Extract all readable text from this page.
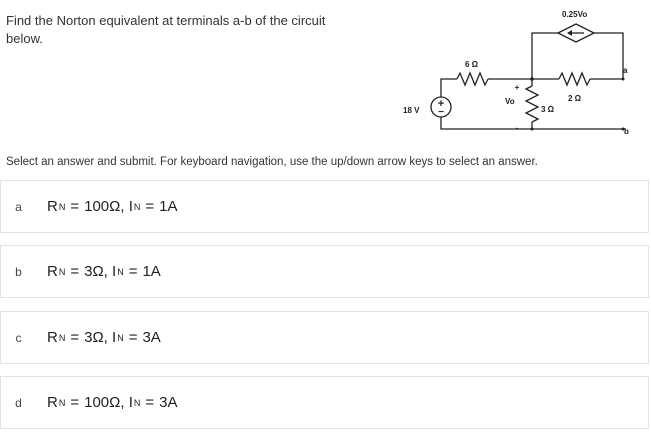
Find the Norton equivalent at terminals a-b of the circuit below.
+
−
18 V
6 Ω
+
Vo
-
3 Ω
2 Ω
0.25Vo
a
b
Select an answer and submit. For keyboard navigation, use the up/down arrow keys to select an answer.
a	R N = 100Ω,
I N = 1A
b	R N = 3Ω,
I N = 1A
c	R N = 3Ω,
I N = 3A
d	R N = 100Ω,
I N = 3A
